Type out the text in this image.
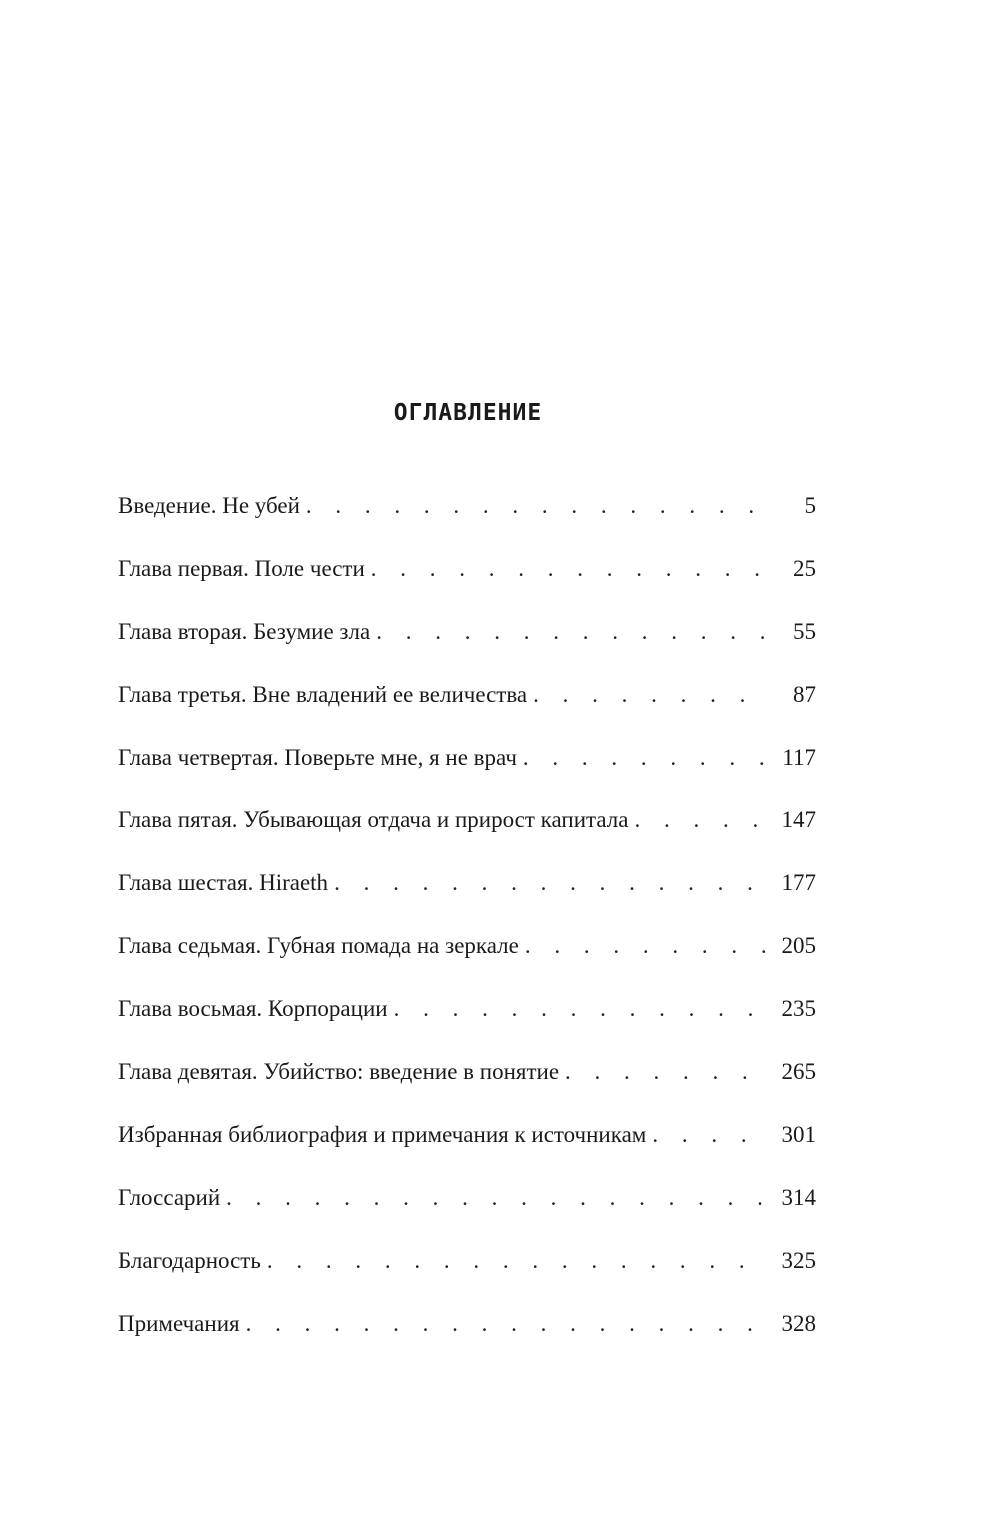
ОГЛАВЛЕНИЕ
Введение. Не убей . . .	5
Глава первая. Поле чести . . .	25
Глава вторая. Безумие зла . . .	55
Глава третья. Вне владений ее величества . . .	87
Глава четвертая. Поверьте мне, я не врач . . .	117
Глава пятая. Убывающая отдача и прирост капитала . . .	147
Глава шестая. Hiraeth . . .	177
Глава седьмая. Губная помада на зеркале . . .	205
Глава восьмая. Корпорации . . .	235
Глава девятая. Убийство: введение в понятие . . .	265
Избранная библиография и примечания к источникам . . .	301
Глоссарий . . .	314
Благодарность . . .	325
Примечания . . .	328
